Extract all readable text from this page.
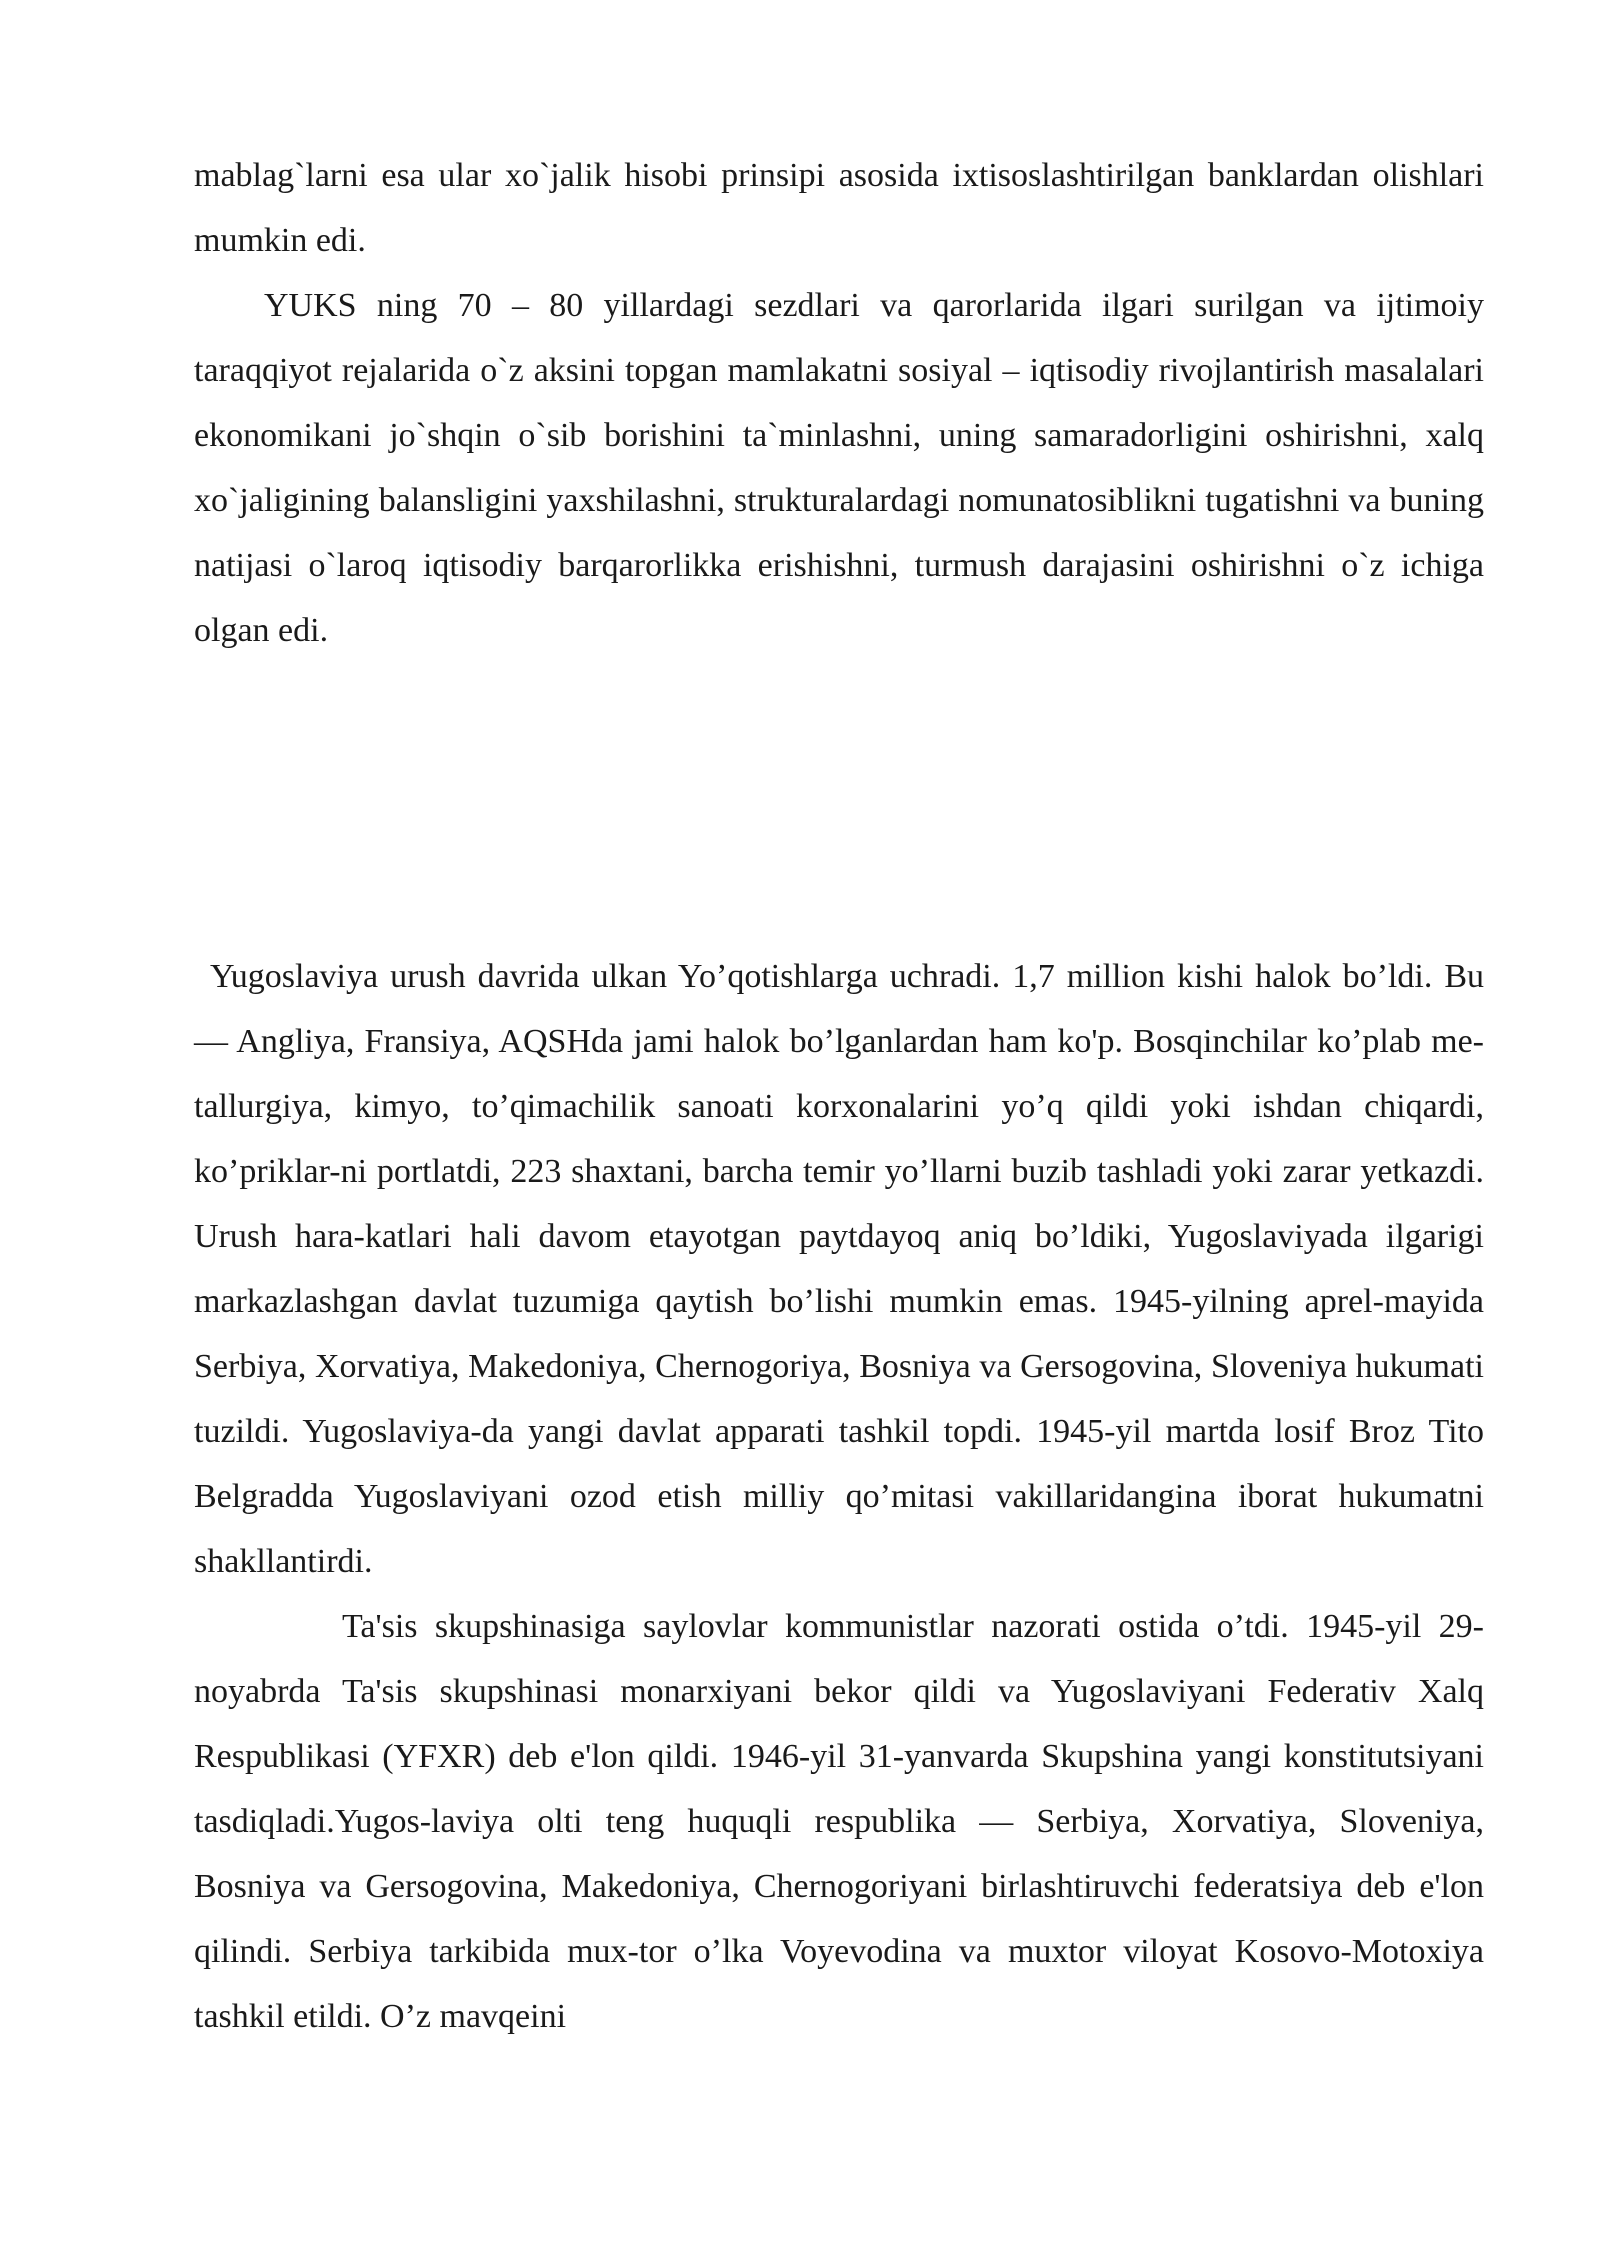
mablag`larni esa ular xo`jalik hisobi prinsipi asosida ixtisoslashtirilgan banklardan olishlari mumkin edi.

YUKS ning 70 – 80 yillardagi sezdlari va qarorlarida ilgari surilgan va ijtimoiy taraqqiyot rejalarida o`z aksini topgan mamlakatni sosiyal – iqtisodiy rivojlantirish masalalari ekonomikani jo`shqin o`sib borishini ta`minlashni, uning samaradorligini oshirishni, xalq xo`jaligining balansligini yaxshilashni, strukturalardagi nomunatosiblikni tugatishni va buning natijasi o`laroq iqtisodiy barqarorlikka erishishni, turmush darajasini oshirishni o`z ichiga olgan edi.

Yugoslaviya urush davrida ulkan Yo’qotishlarga uchradi. 1,7 million kishi halok bo’ldi. Bu — Angliya, Fransiya, AQSHda jami halok bo’lganlardan ham ko'p. Bosqinchilar ko’plab me-tallurgiya, kimyo, to’qimachilik sanoati korxonalarini yo’q qildi yoki ishdan chiqardi, ko’priklar-ni portlatdi, 223 shaxtani, barcha temir yo’llarni buzib tashladi yoki zarar yetkazdi. Urush hara-katlari hali davom etayotgan paytdayoq aniq bo’ldiki, Yugoslaviyada ilgarigi markazlashgan davlat tuzumiga qaytish bo’lishi mumkin emas. 1945-yilning aprel-mayida Serbiya, Xorvatiya, Makedoniya, Chernogoriya, Bosniya va Gersogovina, Sloveniya hukumati tuzildi. Yugoslaviya-da yangi davlat apparati tashkil topdi. 1945-yil martda losif Broz Tito Belgradda Yugoslaviyani ozod etish milliy qo’mitasi vakillaridangina iborat hukumatni shakllantirdi.

Ta'sis skupshinasiga saylovlar kommunistlar nazorati ostida o’tdi. 1945-yil 29-noyabrda Ta'sis skupshinasi monarxiyani bekor qildi va Yugoslaviyani Federativ Xalq Respublikasi (YFXR) deb e'lon qildi. 1946-yil 31-yanvarda Skupshina yangi konstitutsiyani tasdiqladi.Yugos-laviya olti teng huquqli respublika — Serbiya, Xorvatiya, Sloveniya, Bosniya va Gersogovina, Makedoniya, Chernogoriyani birlashtiruvchi federatsiya deb e'lon qilindi. Serbiya tarkibida mux-tor o’lka Voyevodina va muxtor viloyat Kosovo-Motoxiya tashkil etildi. O’z mavqeini
